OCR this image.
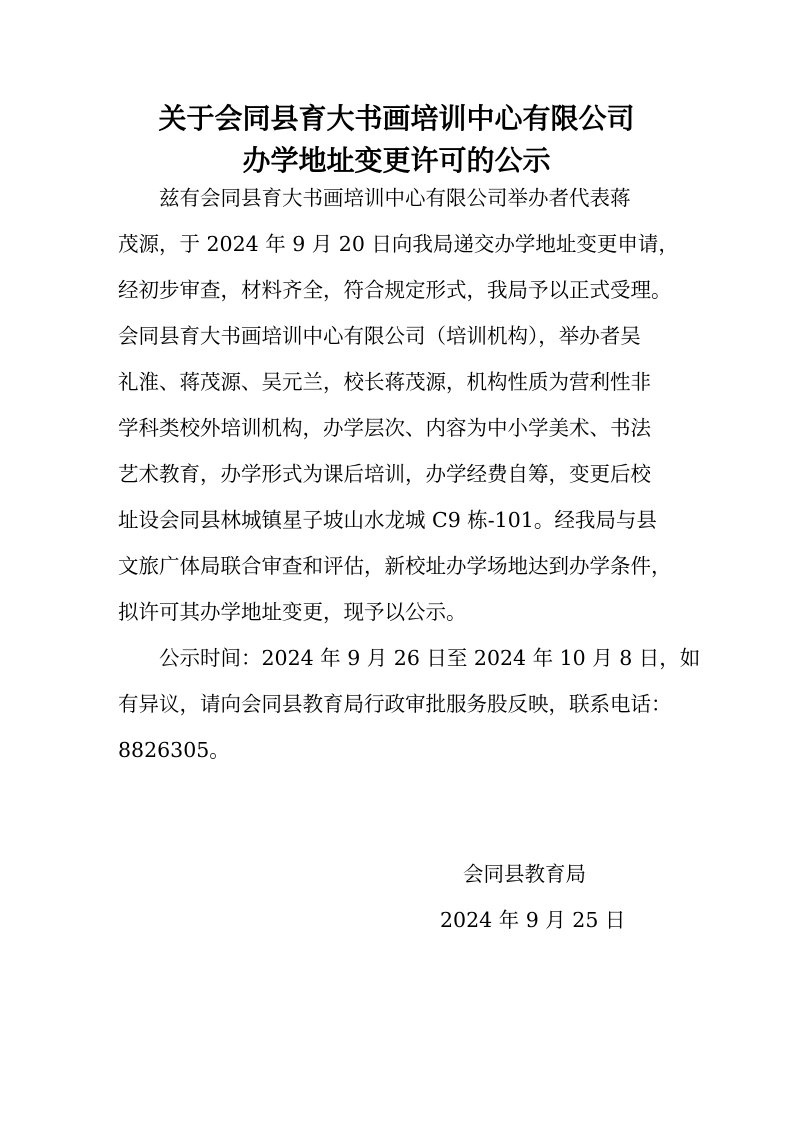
关于会同县育大书画培训中心有限公司
办学地址变更许可的公示

　　兹有会同县育大书画培训中心有限公司举办者代表蒋

茂源，于 2024 年 9 月 20 日向我局递交办学地址变更申请，

经初步审查，材料齐全，符合规定形式，我局予以正式受理。

会同县育大书画培训中心有限公司（培训机构），举办者吴

礼淮、蒋茂源、吴元兰，校长蒋茂源，机构性质为营利性非

学科类校外培训机构，办学层次、内容为中小学美术、书法

艺术教育，办学形式为课后培训，办学经费自筹，变更后校

址设会同县林城镇星子坡山水龙城 C9 栋-101。经我局与县

文旅广体局联合审查和评估，新校址办学场地达到办学条件，

拟许可其办学地址变更，现予以公示。

　　公示时间：2024 年 9 月 26 日至 2024 年 10 月 8 日，如

有异议，请向会同县教育局行政审批服务股反映，联系电话：

8826305。

会同县教育局

2024 年 9 月 25 日
